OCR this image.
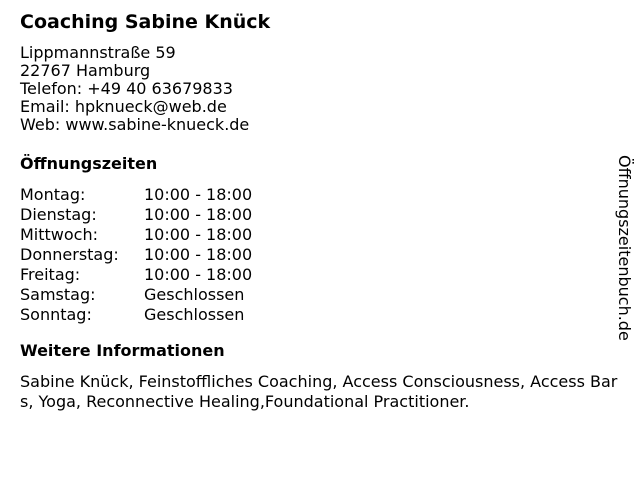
Coaching Sabine Knück
Lippmannstraße 59
22767 Hamburg
Telefon: +49 40 63679833
Email: hpknueck@web.de
Web: www.sabine-knueck.de
Öffnungszeiten
Montag:	10:00 - 18:00
Dienstag:	10:00 - 18:00
Mittwoch:	10:00 - 18:00
Donnerstag:	10:00 - 18:00
Freitag:	10:00 - 18:00
Samstag:	Geschlossen
Sonntag:	Geschlossen
Weitere Informationen
Sabine Knück, Feinstoffliches Coaching, Access Consciousness, Access Bars, Yoga, Reconnective Healing,Foundational Practitioner.
Öffnungszeitenbuch.de
